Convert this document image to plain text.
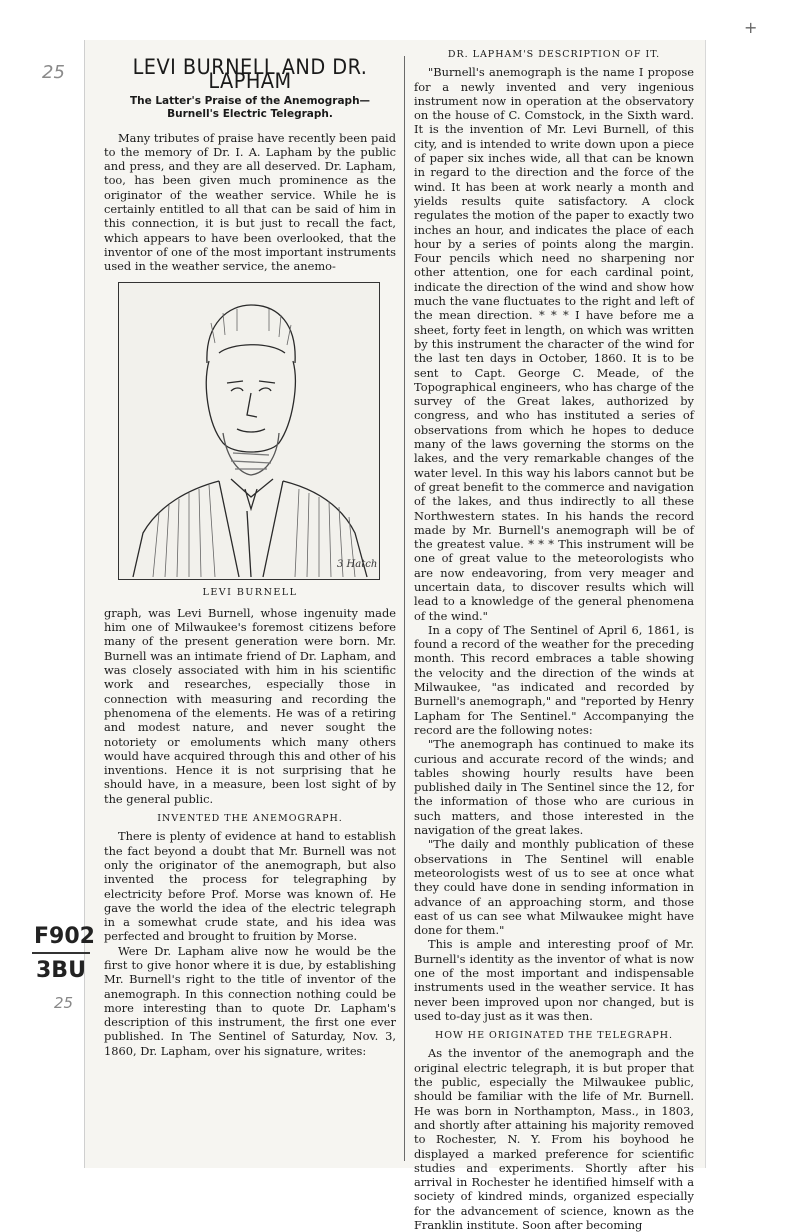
25
+
F902
3BU
25
LEVI BURNELL AND DR. LAPHAM
The Latter's Praise of the Anemograph—Burnell's Electric Telegraph.

Many tributes of praise have recently been paid to the memory of Dr. I. A. Lapham by the public and press, and they are all deserved. Dr. Lapham, too, has been given much prominence as the originator of the weather service. While he is certainly entitled to all that can be said of him in this connection, it is but just to recall the fact, which appears to have been overlooked, that the inventor of one of the most important instruments used in the weather service, the anemo-

3 Hatch
LEVI BURNELL

graph, was Levi Burnell, whose ingenuity made him one of Milwaukee's foremost citizens before many of the present generation were born. Mr. Burnell was an intimate friend of Dr. Lapham, and was closely associated with him in his scientific work and researches, especially those in connection with measuring and recording the phenomena of the elements. He was of a retiring and modest nature, and never sought the notoriety or emoluments which many others would have acquired through this and other of his inventions. Hence it is not surprising that he should have, in a measure, been lost sight of by the general public.

INVENTED THE ANEMOGRAPH.

There is plenty of evidence at hand to establish the fact beyond a doubt that Mr. Burnell was not only the originator of the anemograph, but also invented the process for telegraphing by electricity before Prof. Morse was known of. He gave the world the idea of the electric telegraph in a somewhat crude state, and his idea was perfected and brought to fruition by Morse.

Were Dr. Lapham alive now he would be the first to give honor where it is due, by establishing Mr. Burnell's right to the title of inventor of the anemograph. In this connection nothing could be more interesting than to quote Dr. Lapham's description of this instrument, the first one ever published. In The Sentinel of Saturday, Nov. 3, 1860, Dr. Lapham, over his signature, writes:

DR. LAPHAM'S DESCRIPTION OF IT.

"Burnell's anemograph is the name I propose for a newly invented and very ingenious instrument now in operation at the observatory on the house of C. Comstock, in the Sixth ward. It is the invention of Mr. Levi Burnell, of this city, and is intended to write down upon a piece of paper six inches wide, all that can be known in regard to the direction and the force of the wind. It has been at work nearly a month and yields results quite satisfactory. A clock regulates the motion of the paper to exactly two inches an hour, and indicates the place of each hour by a series of points along the margin. Four pencils which need no sharpening nor other attention, one for each cardinal point, indicate the direction of the wind and show how much the vane fluctuates to the right and left of the mean direction. * * * I have before me a sheet, forty feet in length, on which was written by this instrument the character of the wind for the last ten days in October, 1860. It is to be sent to Capt. George C. Meade, of the Topographical engineers, who has charge of the survey of the Great lakes, authorized by congress, and who has instituted a series of observations from which he hopes to deduce many of the laws governing the storms on the lakes, and the very remarkable changes of the water level. In this way his labors cannot but be of great benefit to the commerce and navigation of the lakes, and thus indirectly to all these Northwestern states. In his hands the record made by Mr. Burnell's anemograph will be of the greatest value. * * * This instrument will be one of great value to the meteorologists who are now endeavoring, from very meager and uncertain data, to discover results which will lead to a knowledge of the general phenomena of the wind."

In a copy of The Sentinel of April 6, 1861, is found a record of the weather for the preceding month. This record embraces a table showing the velocity and the direction of the winds at Milwaukee, "as indicated and recorded by Burnell's anemograph," and "reported by Henry Lapham for The Sentinel." Accompanying the record are the following notes:

"The anemograph has continued to make its curious and accurate record of the winds; and tables showing hourly results have been published daily in The Sentinel since the 12, for the information of those who are curious in such matters, and those interested in the navigation of the great lakes.

"The daily and monthly publication of these observations in The Sentinel will enable meteorologists west of us to see at once what they could have done in sending information in advance of an approaching storm, and those east of us can see what Milwaukee might have done for them."

This is ample and interesting proof of Mr. Burnell's identity as the inventor of what is now one of the most important and indispensable instruments used in the weather service. It has never been improved upon nor changed, but is used to-day just as it was then.

HOW HE ORIGINATED THE TELEGRAPH.

As the inventor of the anemograph and the original electric telegraph, it is but proper that the public, especially the Milwaukee public, should be familiar with the life of Mr. Burnell. He was born in Northampton, Mass., in 1803, and shortly after attaining his majority removed to Rochester, N. Y. From his boyhood he displayed a marked preference for scientific studies and experiments. Shortly after his arrival in Rochester he identified himself with a society of kindred minds, organized especially for the advancement of science, known as the Franklin institute. Soon after becoming
